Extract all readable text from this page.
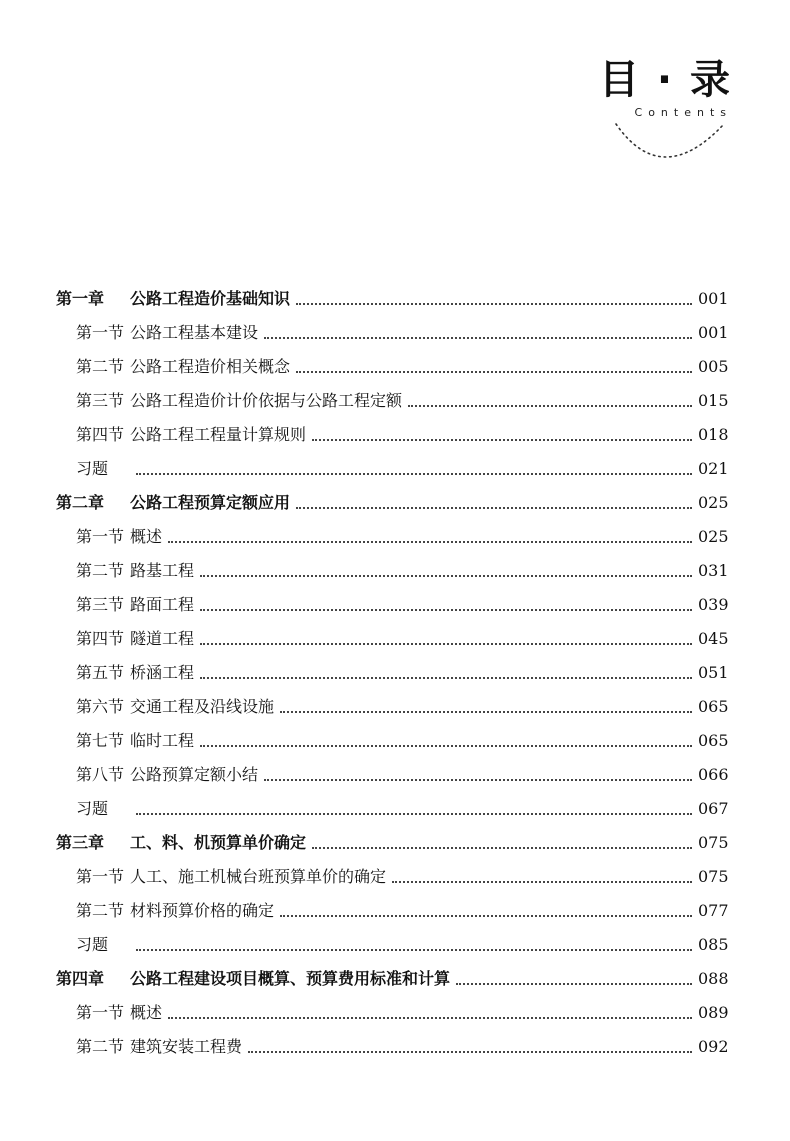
目 · 录
Contents
第一章	公路工程造价基础知识	001
第一节 公路工程基本建设	001
第二节 公路工程造价相关概念	005
第三节 公路工程造价计价依据与公路工程定额	015
第四节 公路工程工程量计算规则	018
习题	021
第二章	公路工程预算定额应用	025
第一节 概述	025
第二节 路基工程	031
第三节 路面工程	039
第四节 隧道工程	045
第五节 桥涵工程	051
第六节 交通工程及沿线设施	065
第七节 临时工程	065
第八节 公路预算定额小结	066
习题	067
第三章	工、料、机预算单价确定	075
第一节 人工、施工机械台班预算单价的确定	075
第二节 材料预算价格的确定	077
习题	085
第四章	公路工程建设项目概算、预算费用标准和计算	088
第一节 概述	089
第二节 建筑安装工程费	092
